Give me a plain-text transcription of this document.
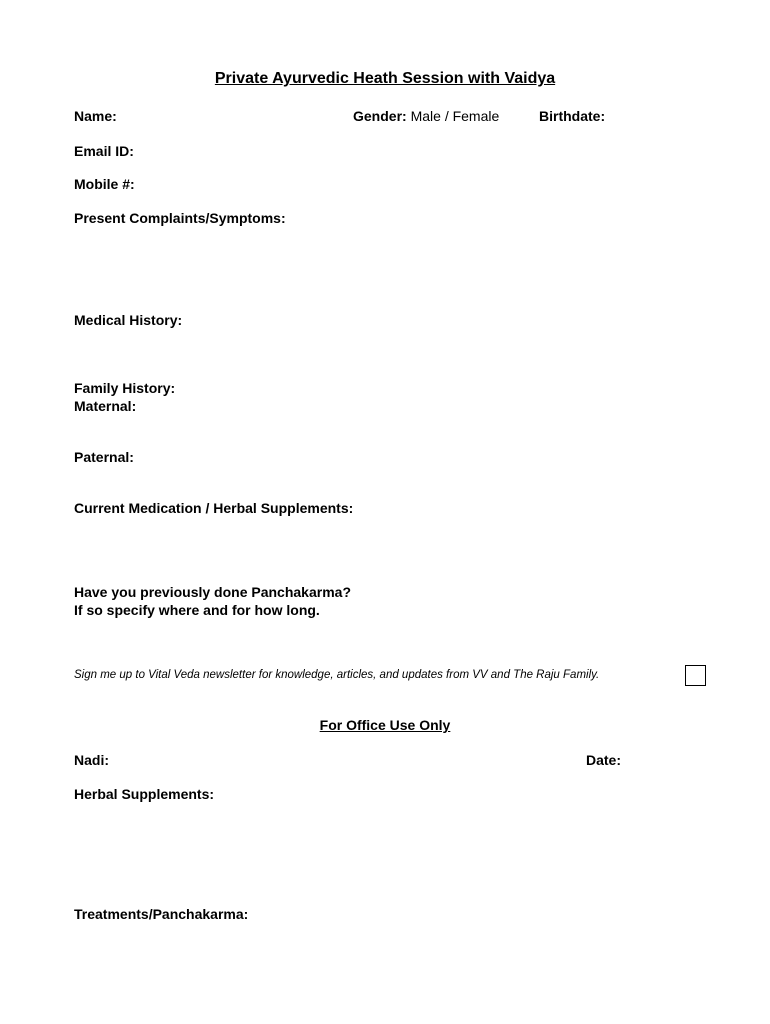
Private Ayurvedic Heath Session with Vaidya
Name:	Gender: Male / Female	Birthdate:
Email ID:
Mobile #:
Present Complaints/Symptoms:
Medical History:
Family History:
Maternal:
Paternal:
Current Medication / Herbal Supplements:
Have you previously done Panchakarma?
If so specify where and for how long.
Sign me up to Vital Veda newsletter for knowledge, articles, and updates from VV and The Raju Family.
For Office Use Only
Nadi:	Date:
Herbal Supplements:
Treatments/Panchakarma:
